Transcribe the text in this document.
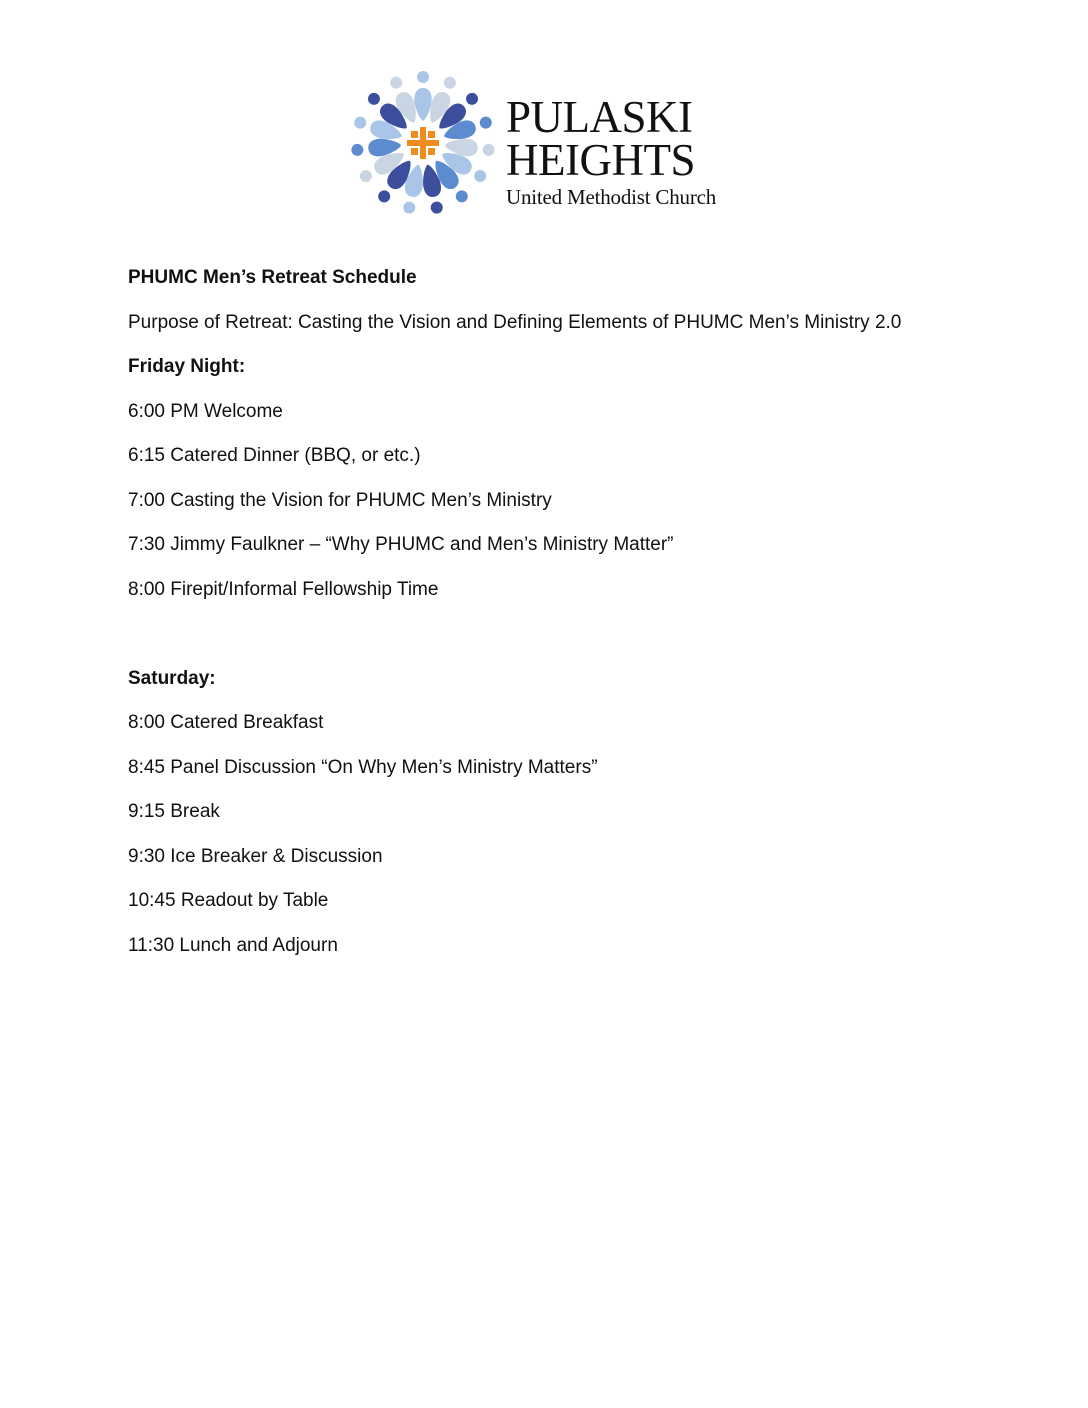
PULASKI
HEIGHTS
United Methodist Church
PHUMC Men’s Retreat Schedule
Purpose of Retreat: Casting the Vision and Defining Elements of PHUMC Men’s Ministry 2.0
Friday Night:
6:00 PM Welcome
6:15 Catered Dinner (BBQ, or etc.)
7:00 Casting the Vision for PHUMC Men’s Ministry
7:30 Jimmy Faulkner – “Why PHUMC and Men’s Ministry Matter”
8:00 Firepit/Informal Fellowship Time
Saturday:
8:00 Catered Breakfast
8:45 Panel Discussion “On Why Men’s Ministry Matters”
9:15 Break
9:30 Ice Breaker & Discussion
10:45 Readout by Table
11:30 Lunch and Adjourn
